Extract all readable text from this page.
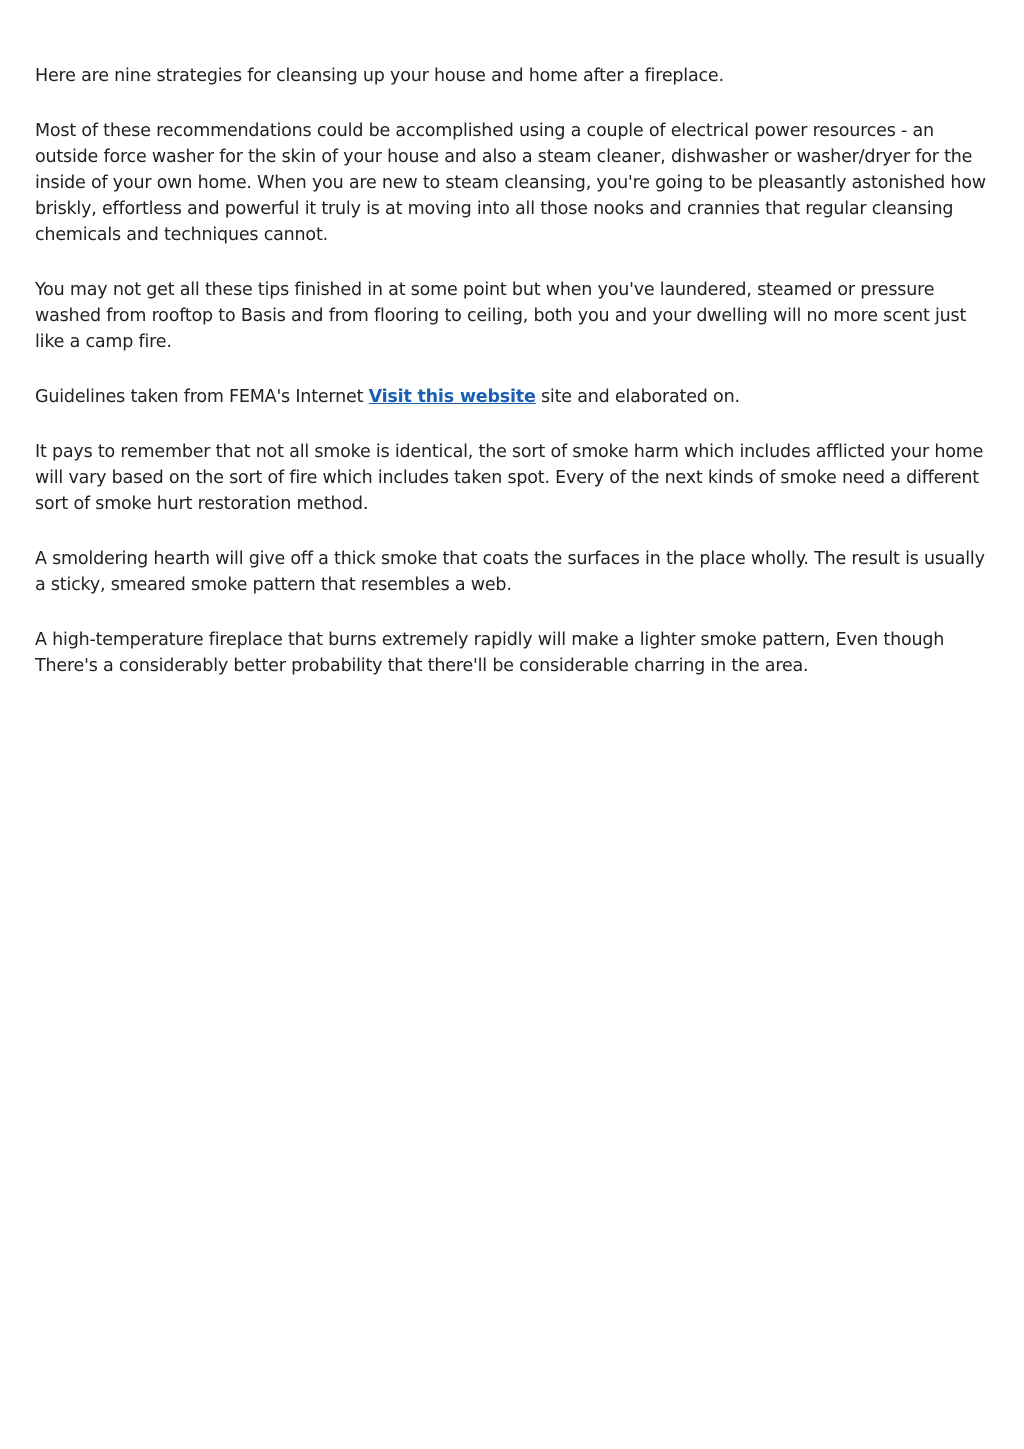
Here are nine strategies for cleansing up your house and home after a fireplace.

Most of these recommendations could be accomplished using a couple of electrical power resources - an outside force washer for the skin of your house and also a steam cleaner, dishwasher or washer/dryer for the inside of your own home. When you are new to steam cleansing, you're going to be pleasantly astonished how briskly, effortless and powerful it truly is at moving into all those nooks and crannies that regular cleansing chemicals and techniques cannot.

You may not get all these tips finished in at some point but when you've laundered, steamed or pressure washed from rooftop to Basis and from flooring to ceiling, both you and your dwelling will no more scent just like a camp fire.

Guidelines taken from FEMA's Internet Visit this website site and elaborated on.

It pays to remember that not all smoke is identical, the sort of smoke harm which includes afflicted your home will vary based on the sort of fire which includes taken spot. Every of the next kinds of smoke need a different sort of smoke hurt restoration method.

A smoldering hearth will give off a thick smoke that coats the surfaces in the place wholly. The result is usually a sticky, smeared smoke pattern that resembles a web.

A high-temperature fireplace that burns extremely rapidly will make a lighter smoke pattern, Even though There's a considerably better probability that there'll be considerable charring in the area.
